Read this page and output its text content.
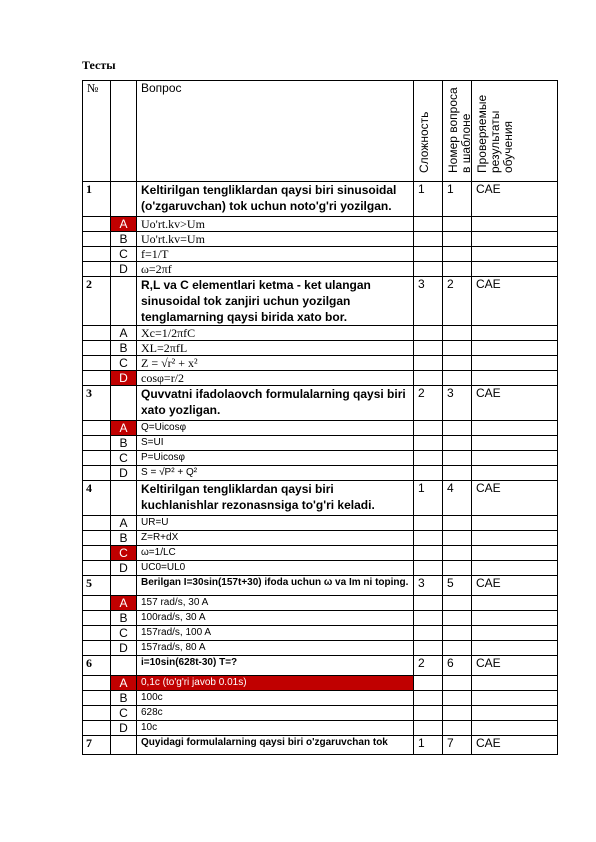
Тесты
№		Вопрос	Сложность	Номер вопроса в шаблоне	Проверяемые результаты обучения

1		Keltirilgan tengliklardan qaysi biri sinusoidal (o'zgaruvchan) tok uchun noto'g'ri yozilgan.	1	1	CAE
	A	Uo'rt.kv>Um			
	B	Uo'rt.kv=Um			
	C	f=1/T			
	D	ω=2πf			
2		R,L va C elementlari ketma - ket ulangan sinusoidal tok zanjiri uchun yozilgan tenglamarning qaysi birida xato bor.	3	2	CAE
	A	Xc=1/2πfC			
	B	XL=2πfL			
	C	Z = √r² + x²			
	D	cosφ=r/2			
3		Quvvatni ifadolaovch formulalarning qaysi biri xato yozligan.	2	3	CAE
	A	Q=Uicosφ			
	B	S=UI			
	C	P=Uicosφ			
	D	S = √P² + Q²			
4		Keltirilgan tengliklardan qaysi biri kuchlanishlar rezonasnsiga to'g'ri keladi.	1	4	CAE
	A	UR=U			
	B	Z=R+dX			
	C	ω=1/LC			
	D	UC0=UL0			
5		Berilgan I=30sin(157t+30) ifoda uchun ω va Im ni toping.	3	5	CAE
	A	157 rad/s, 30 A			
	B	100rad/s, 30 A			
	C	157rad/s, 100 A			
	D	157rad/s, 80 A			
6		i=10sin(628t-30) T=?	2	6	CAE
	A	0,1c (to'g'ri javob 0.01s)			
	B	100c			
	C	628c			
	D	10c			
7		Quyidagi formulalarning qaysi biri o'zgaruvchan tok	1	7	CAE
